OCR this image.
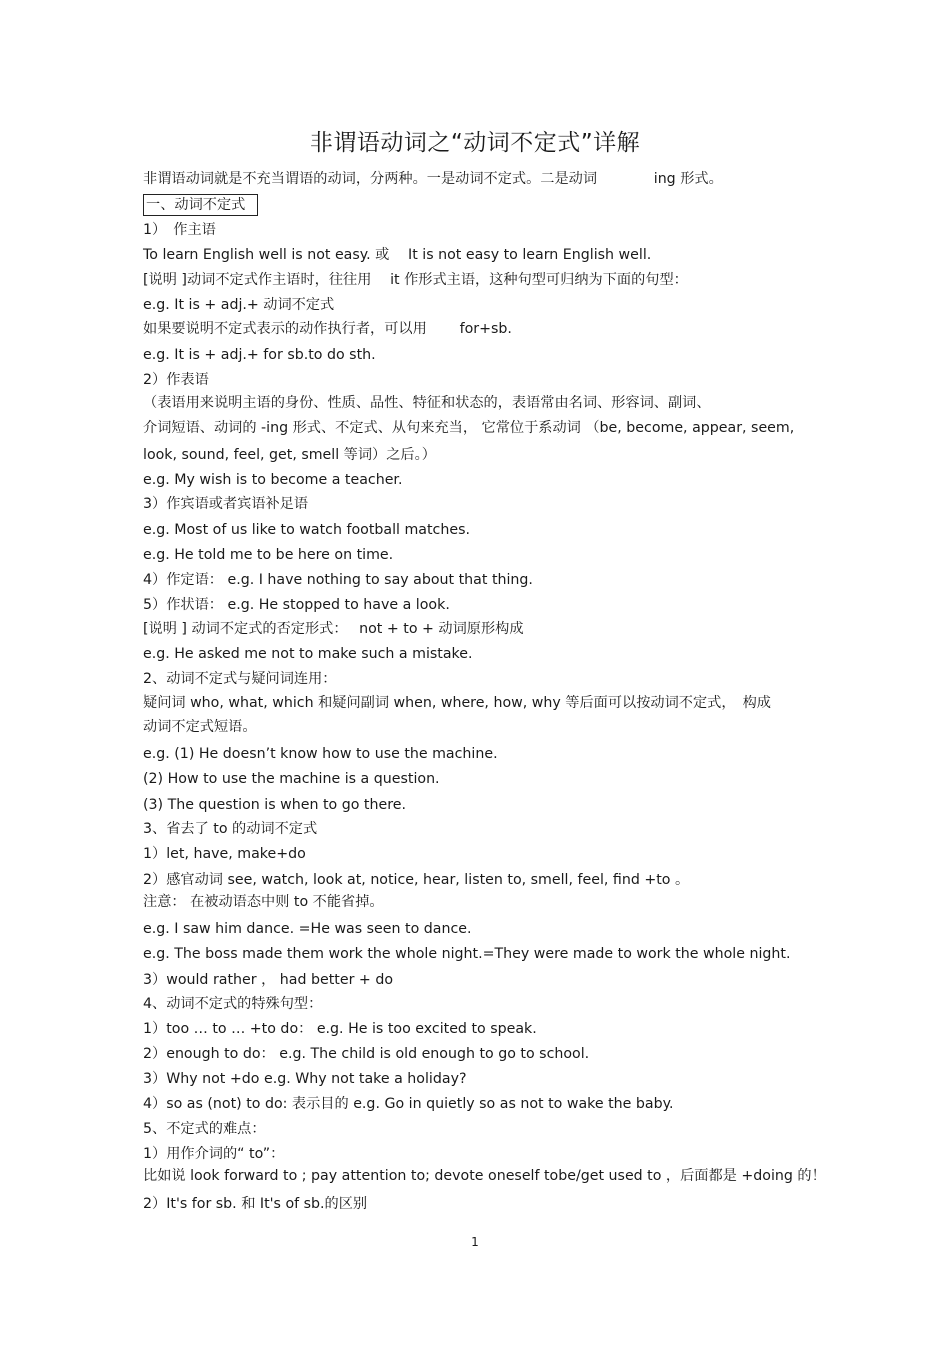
非谓语动词之“动词不定式”详解
非谓语动词就是不充当谓语的动词，分两种。一是动词不定式。二是动词　　　　ing 形式。
一、动词不定式
1）　作主语
To learn English well is not easy. 或　 It is not easy to learn English well.
[说明 ]动词不定式作主语时，往往用　 it 作形式主语，这种句型可归纳为下面的句型：
e.g. It is + adj.+ 动词不定式
如果要说明不定式表示的动作执行者，可以用　　 for+sb.
e.g. It is + adj.+ for sb.to do sth.
2）作表语
（表语用来说明主语的身份、性质、品性、特征和状态的，表语常由名词、形容词、副词、
介词短语、动词的 -ing 形式、不定式、从句来充当， 它常位于系动词 （be, become, appear, seem,
look, sound, feel, get, smell 等词）之后。）
e.g. My wish is to become a teacher.
3）作宾语或者宾语补足语
e.g. Most of us like to watch football matches.
e.g. He told me to be here on time.
4）作定语： e.g. I have nothing to say about that thing.
5）作状语： e.g. He stopped to have a look.
[说明 ] 动词不定式的否定形式：　 not + to + 动词原形构成
e.g. He asked me not to make such a mistake.
2、动词不定式与疑问词连用：
疑问词 who, what, which 和疑问副词 when, where, how, why 等后面可以按动词不定式，　构成
动词不定式短语。
e.g. (1) He doesn’t know how to use the machine.
(2) How to use the machine is a question.
(3) The question is when to go there.
3、省去了 to 的动词不定式
1）let, have, make+do
2）感官动词 see, watch, look at, notice, hear, listen to, smell, feel, find +to 。
注意： 在被动语态中则 to 不能省掉。
e.g. I saw him dance. =He was seen to dance.
e.g. The boss made them work the whole night.=They were made to work the whole night.
3）would rather ， had better + do
4、动词不定式的特殊句型：
1）too … to … +to do： e.g. He is too excited to speak.
2）enough to do： e.g. The child is old enough to go to school.
3）Why not +do e.g. Why not take a holiday?
4）so as (not) to do: 表示目的 e.g. Go in quietly so as not to wake the baby.
5、不定式的难点：
1）用作介词的“ to”：
比如说 look forward to ; pay attention to; devote oneself tobe/get used to ，后面都是 +doing 的！
2）It's for sb. 和 It's of sb.的区别
1
